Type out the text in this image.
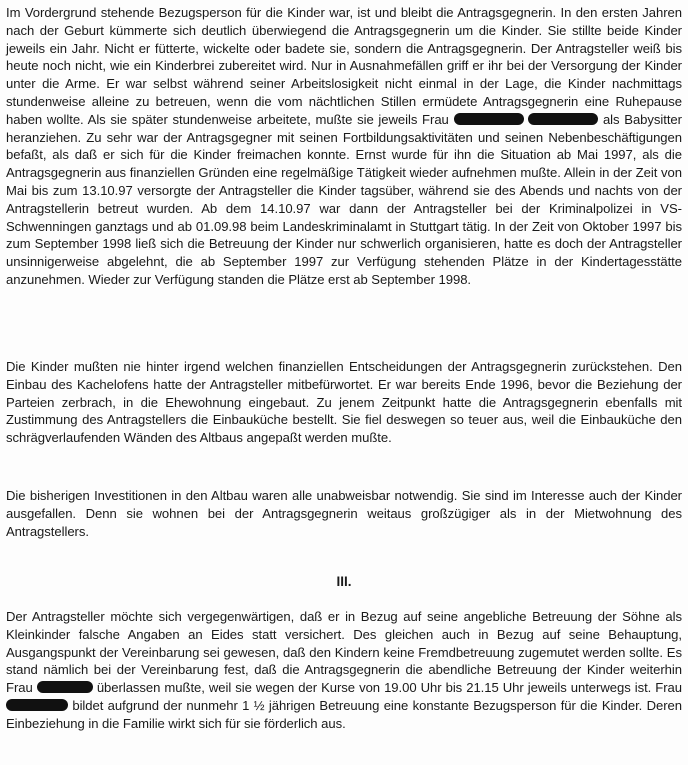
Im Vordergrund stehende Bezugsperson für die Kinder war, ist und bleibt die Antragsgegnerin. In den ersten Jahren nach der Geburt kümmerte sich deutlich überwiegend die Antragsgegnerin um die Kinder. Sie stillte beide Kinder jeweils ein Jahr. Nicht er fütterte, wickelte oder badete sie, sondern die Antragsgegnerin. Der Antragsteller weiß bis heute noch nicht, wie ein Kinderbrei zubereitet wird. Nur in Ausnahmefällen griff er ihr bei der Versorgung der Kinder unter die Arme. Er war selbst während seiner Arbeitslosigkeit nicht einmal in der Lage, die Kinder nachmittags stundenweise alleine zu betreuen, wenn die vom nächtlichen Stillen ermüdete Antragsgegnerin eine Ruhepause haben wollte. Als sie später stundenweise arbeitete, mußte sie jeweils Frau	als Babysitter heranziehen. Zu sehr war der Antragsgegner mit seinen Fortbildungsaktivitäten und seinen Nebenbeschäftigungen befaßt, als daß er sich für die Kinder freimachen konnte. Ernst wurde für ihn die Situation ab Mai 1997, als die Antragsgegnerin aus finanziellen Gründen eine regelmäßige Tätigkeit wieder aufnehmen mußte. Allein in der Zeit von Mai bis zum 13.10.97 versorgte der Antragsteller die Kinder tagsüber, während sie des Abends und nachts von der Antragstellerin betreut wurden. Ab dem 14.10.97 war dann der Antragsteller bei der Kriminalpolizei in VS-Schwenningen ganztags und ab 01.09.98 beim Landeskriminalamt in Stuttgart tätig. In der Zeit von Oktober 1997 bis zum September 1998 ließ sich die Betreuung der Kinder nur schwerlich organisieren, hatte es doch der Antragsteller unsinnigerweise abgelehnt, die ab September 1997 zur Verfügung stehenden Plätze in der Kindertagesstätte anzunehmen. Wieder zur Verfügung standen die Plätze erst ab September 1998.

Die Kinder mußten nie hinter irgend welchen finanziellen Entscheidungen der Antragsgegnerin zurückstehen. Den Einbau des Kachelofens hatte der Antragsteller mitbefürwortet. Er war bereits Ende 1996, bevor die Beziehung der Parteien zerbrach, in die Ehewohnung eingebaut. Zu jenem Zeitpunkt hatte die Antragsgegnerin ebenfalls mit Zustimmung des Antragstellers die Einbauküche bestellt. Sie fiel deswegen so teuer aus, weil die Einbauküche den schrägverlaufenden Wänden des Altbaus angepaßt werden mußte.

Die bisherigen Investitionen in den Altbau waren alle unabweisbar notwendig. Sie sind im Interesse auch der Kinder ausgefallen. Denn sie wohnen bei der Antragsgegnerin weitaus großzügiger als in der Mietwohnung des Antragstellers.

III.

Der Antragsteller möchte sich vergegenwärtigen, daß er in Bezug auf seine angebliche Betreuung der Söhne als Kleinkinder falsche Angaben an Eides statt versichert. Des gleichen auch in Bezug auf seine Behauptung, Ausgangspunkt der Vereinbarung sei gewesen, daß den Kindern keine Fremdbetreuung zugemutet werden sollte. Es stand nämlich bei der Vereinbarung fest, daß die Antragsgegnerin die abendliche Betreuung der Kinder weiterhin Frau	überlassen mußte, weil sie wegen der Kurse von 19.00 Uhr bis 21.15 Uhr jeweils unterwegs ist. Frau  bildet aufgrund der nunmehr 1 ½ jährigen Betreuung eine konstante Bezugsperson für die Kinder. Deren Einbeziehung in die Familie wirkt sich für sie förderlich aus.
